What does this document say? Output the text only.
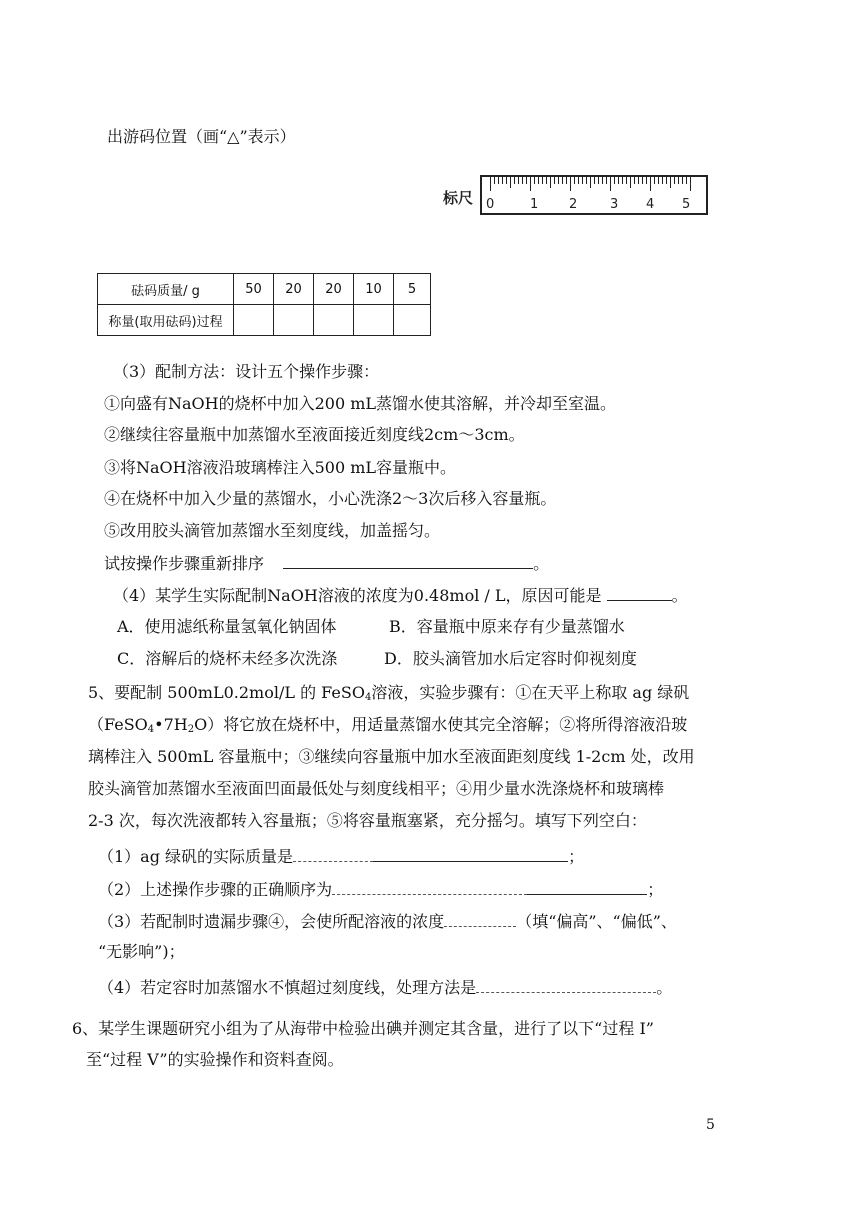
出游码位置（画“△”表示）
标尺 0	1 2	3 4 5
砝码质量/ g	50	20	20	10	5
称量(取用砝码)过程					
（3）配制方法：设计五个操作步骤：
①向盛有NaOH的烧杯中加入200 mL蒸馏水使其溶解，并冷却至室温。
②继续往容量瓶中加蒸馏水至液面接近刻度线2cm～3cm。
③将NaOH溶液沿玻璃棒注入500 mL容量瓶中。
④在烧杯中加入少量的蒸馏水，小心洗涤2～3次后移入容量瓶。
⑤改用胶头滴管加蒸馏水至刻度线，加盖摇匀。
试按操作步骤重新排序	。
（4）某学生实际配制NaOH溶液的浓度为0.48mol / L，原因可能是	。
A．使用滤纸称量氢氧化钠固体	B．容量瓶中原来存有少量蒸馏水
C．溶解后的烧杯未经多次洗涤	D．胶头滴管加水后定容时仰视刻度
5、要配制 500mL0.2mol/L 的 FeSO$_4$溶液，实验步骤有：①在天平上称取 ag 绿矾
$(FeSO_4•7H_2O)$将它放在烧杯中，用适量蒸馏水使其完全溶解；②将所得溶液沿玻
璃棒注入 500mL 容量瓶中；③继续向容量瓶中加水至液面距刻度线 1-2cm 处，改用
胶头滴管加蒸馏水至液面凹面最低处与刻度线相平；④用少量水洗涤烧杯和玻璃棒
2-3 次，每次洗液都转入容量瓶；⑤将容量瓶塞紧，充分摇匀。填写下列空白：
（1）ag 绿矾的实际质量是	；
（2）上述操作步骤的正确顺序为	；
（3）若配制时遗漏步骤④，会使所配溶液的浓度	（填“偏高”、“偏低”、
“无影响”)；
（4）若定容时加蒸馏水不慎超过刻度线，处理方法是	。
6、某学生课题研究小组为了从海带中检验出碘并测定其含量，进行了以下“过程 I”
至“过程 V”的实验操作和资料查阅。
5
